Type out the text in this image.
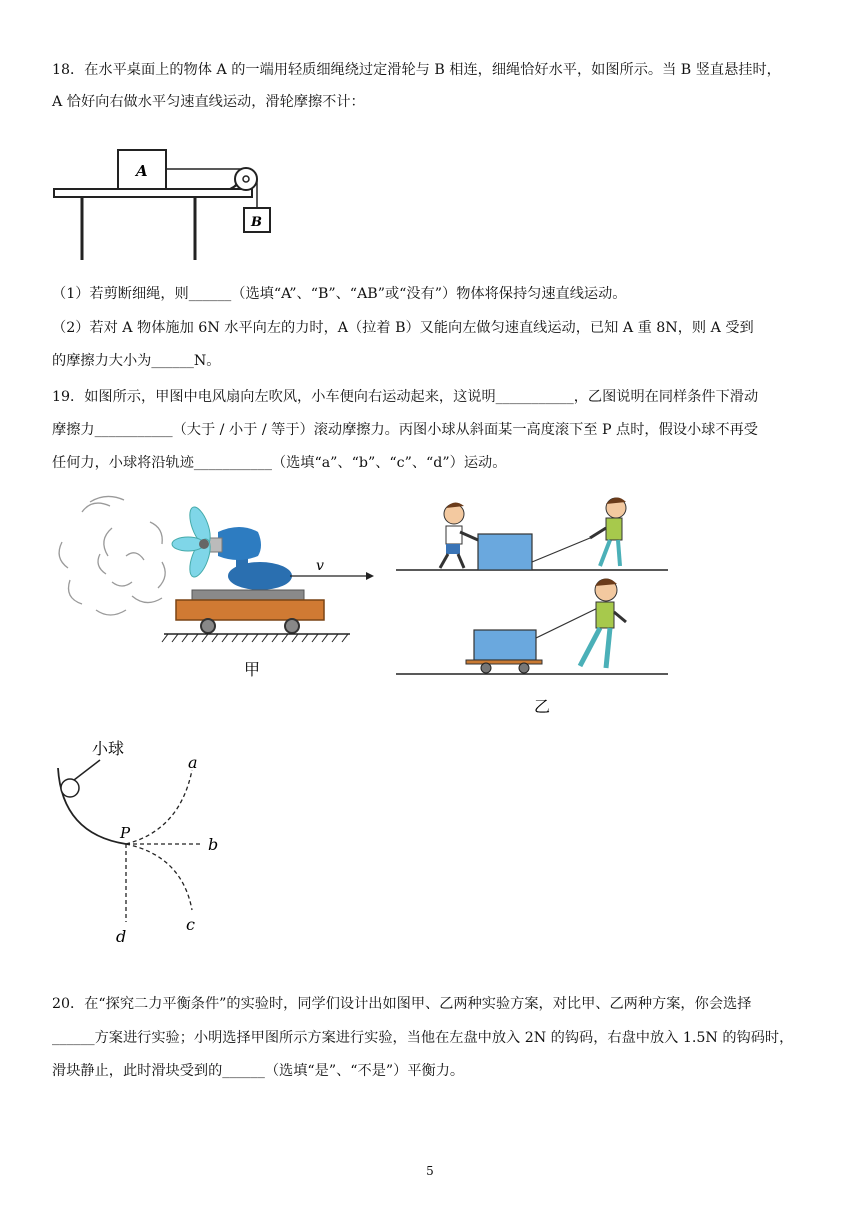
18．在水平桌面上的物体 A 的一端用轻质细绳绕过定滑轮与 B 相连，细绳恰好水平，如图所示。当 B 竖直悬挂时，
A 恰好向右做水平匀速直线运动，滑轮摩擦不计：
A
B
（1）若剪断细绳，则______（选填“A”、“B”、“AB”或“没有”）物体将保持匀速直线运动。
（2）若对 A 物体施加 6N 水平向左的力时，A（拉着 B）又能向左做匀速直线运动，已知 A 重 8N，则 A 受到
的摩擦力大小为______N。
19．如图所示，甲图中电风扇向左吹风，小车便向右运动起来，这说明___________，乙图说明在同样条件下滑动
摩擦力___________（大于 / 小于 / 等于）滚动摩擦力。丙图小球从斜面某一高度滚下至 P 点时，假设小球不再受
任何力，小球将沿轨迹___________（选填“a”、“b”、“c”、“d”）运动。
v
甲
乙
小球
P
a
b
c
d
20．在“探究二力平衡条件”的实验时，同学们设计出如图甲、乙两种实验方案，对比甲、乙两种方案，你会选择
______方案进行实验；小明选择甲图所示方案进行实验，当他在左盘中放入 2N 的钩码，右盘中放入 1.5N 的钩码时，
滑块静止，此时滑块受到的______（选填“是”、“不是”）平衡力。
5
